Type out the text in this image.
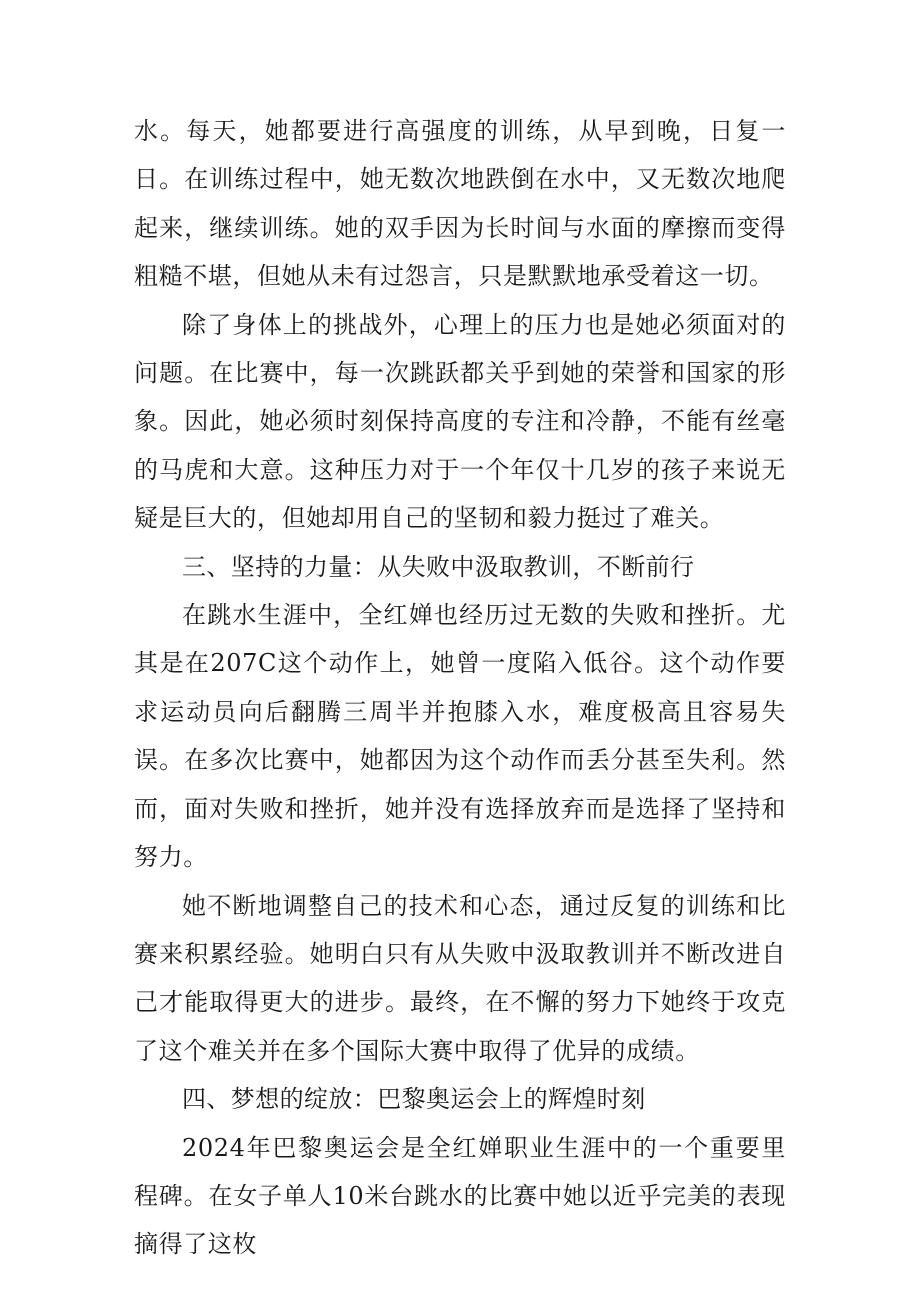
水。每天，她都要进行高强度的训练，从早到晚，日复一日。在训练过程中，她无数次地跌倒在水中，又无数次地爬起来，继续训练。她的双手因为长时间与水面的摩擦而变得粗糙不堪，但她从未有过怨言，只是默默地承受着这一切。

除了身体上的挑战外，心理上的压力也是她必须面对的问题。在比赛中，每一次跳跃都关乎到她的荣誉和国家的形象。因此，她必须时刻保持高度的专注和冷静，不能有丝毫的马虎和大意。这种压力对于一个年仅十几岁的孩子来说无疑是巨大的，但她却用自己的坚韧和毅力挺过了难关。

三、坚持的力量：从失败中汲取教训，不断前行

在跳水生涯中，全红婵也经历过无数的失败和挫折。尤其是在207C这个动作上，她曾一度陷入低谷。这个动作要求运动员向后翻腾三周半并抱膝入水，难度极高且容易失误。在多次比赛中，她都因为这个动作而丢分甚至失利。然而，面对失败和挫折，她并没有选择放弃而是选择了坚持和努力。

她不断地调整自己的技术和心态，通过反复的训练和比赛来积累经验。她明白只有从失败中汲取教训并不断改进自己才能取得更大的进步。最终，在不懈的努力下她终于攻克了这个难关并在多个国际大赛中取得了优异的成绩。

四、梦想的绽放：巴黎奥运会上的辉煌时刻

2024年巴黎奥运会是全红婵职业生涯中的一个重要里程碑。在女子单人10米台跳水的比赛中她以近乎完美的表现摘得了这枚
